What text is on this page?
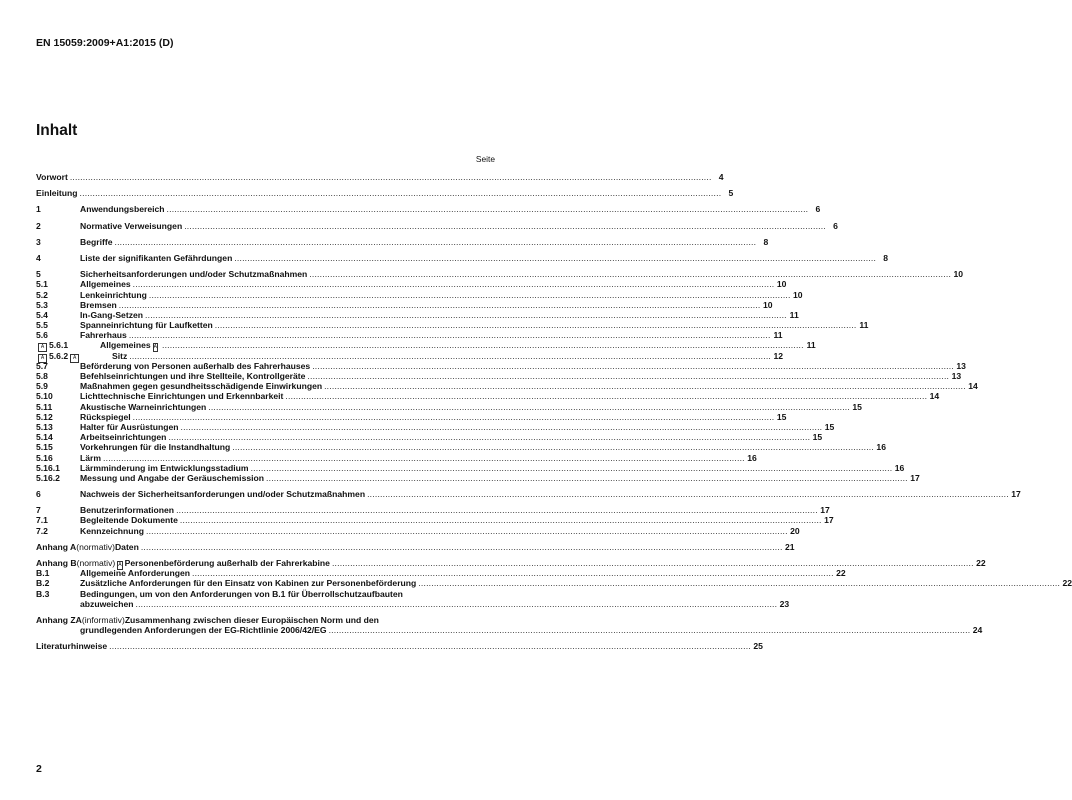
EN 15059:2009+A1:2015 (D)
Inhalt
Seite
Vorwort .....	4
Einleitung .....	5
1	Anwendungsbereich .....	6
2	Normative Verweisungen .....	6
3	Begriffe .....	8
4	Liste der signifikanten Gefährdungen .....	8
5	Sicherheitsanforderungen und/oder Schutzmaßnahmen .....	10
5.1	Allgemeines .....	10
5.2	Lenkeinrichtung .....	10
5.3	Bremsen .....	10
5.4	In-Gang-Setzen .....	11
5.5	Spanneinrichtung für Laufketten .....	11
5.6	Fahrerhaus .....	11
A 5.6.1	Allgemeines A .....	11
A 5.6.2 A	Sitz .....	12
5.7	Beförderung von Personen außerhalb des Fahrerhauses .....	13
5.8	Befehlseinrichtungen und ihre Stellteile, Kontrollgeräte .....	13
5.9	Maßnahmen gegen gesundheitsschädigende Einwirkungen .....	14
5.10	Lichttechnische Einrichtungen und Erkennbarkeit .....	14
5.11	Akustische Warneinrichtungen .....	15
5.12	Rückspiegel .....	15
5.13	Halter für Ausrüstungen .....	15
5.14	Arbeitseinrichtungen .....	15
5.15	Vorkehrungen für die Instandhaltung .....	16
5.16	Lärm .....	16
5.16.1	Lärmminderung im Entwicklungsstadium .....	16
5.16.2	Messung und Angabe der Geräuschemission .....	17
6	Nachweis der Sicherheitsanforderungen und/oder Schutzmaßnahmen .....	17
7	Benutzerinformationen .....	17
7.1	Begleitende Dokumente .....	17
7.2	Kennzeichnung .....	20
Anhang A (normativ) Daten .....	21
Anhang B (normativ) A Personenbeförderung außerhalb der Fahrerkabine .....	22
B.1	Allgemeine Anforderungen .....	22
B.2	Zusätzliche Anforderungen für den Einsatz von Kabinen zur Personenbeförderung .....	22
B.3	Bedingungen, um von den Anforderungen von B.1 für Überrollschutzaufbauten
abzuweichen .....	23
Anhang ZA (informativ) Zusammenhang zwischen dieser Europäischen Norm und den
grundlegenden Anforderungen der EG-Richtlinie 2006/42/EG .....	24
Literaturhinweise .....	25
2
